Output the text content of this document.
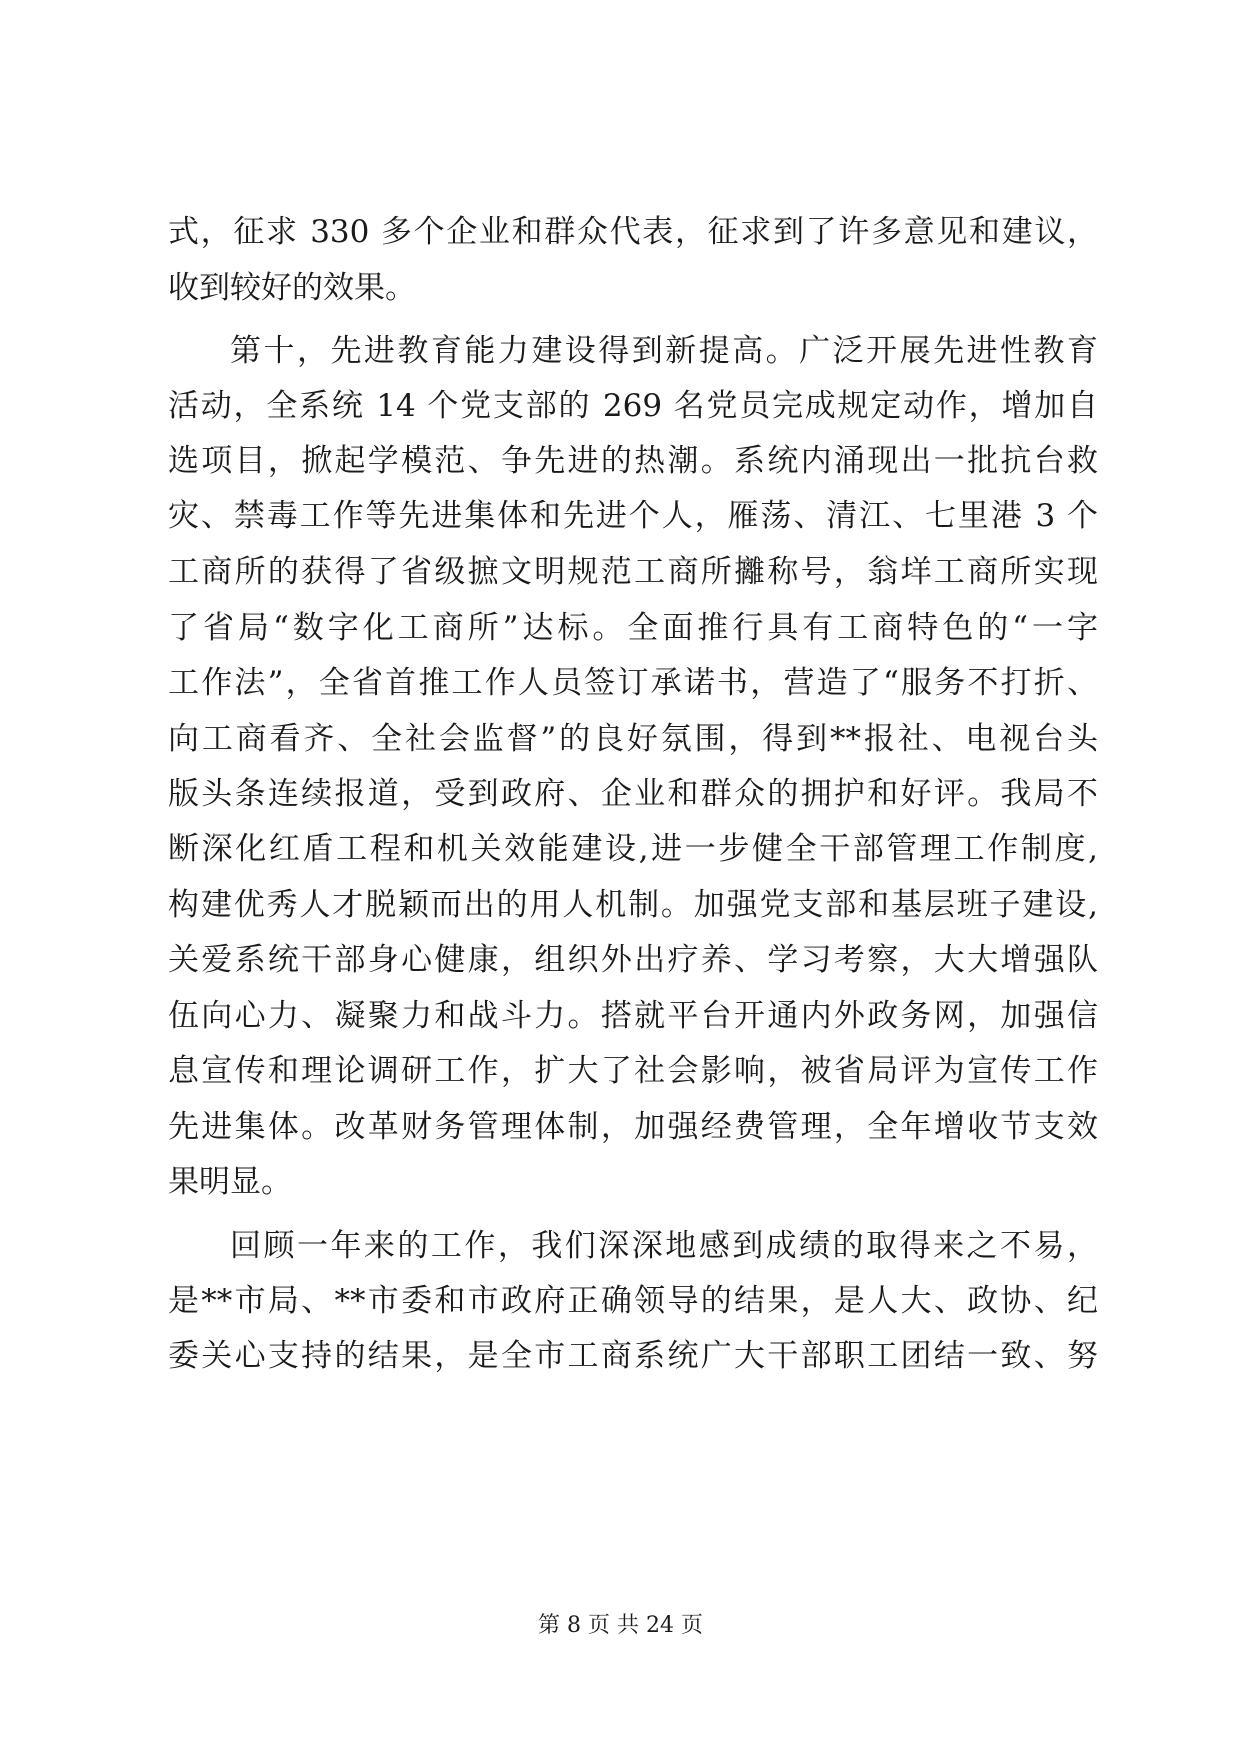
式，征求 330 多个企业和群众代表，征求到了许多意见和建议，
收到较好的效果。
第十，先进教育能力建设得到新提高。广泛开展先进性教育
活动，全系统 14 个党支部的 269 名党员完成规定动作，增加自
选项目，掀起学模范、争先进的热潮。系统内涌现出一批抗台救
灾、禁毒工作等先进集体和先进个人，雁荡、清江、七里港 3 个
工商所的获得了省级摭文明规范工商所攡称号，翁垟工商所实现
了省局“数字化工商所”达标。全面推行具有工商特色的“一字
工作法”，全省首推工作人员签订承诺书，营造了“服务不打折、
向工商看齐、全社会监督”的良好氛围，得到**报社、电视台头
版头条连续报道，受到政府、企业和群众的拥护和好评。我局不
断深化红盾工程和机关效能建设,进一步健全干部管理工作制度,
构建优秀人才脱颖而出的用人机制。加强党支部和基层班子建设,
关爱系统干部身心健康，组织外出疗养、学习考察，大大增强队
伍向心力、凝聚力和战斗力。搭就平台开通内外政务网，加强信
息宣传和理论调研工作，扩大了社会影响，被省局评为宣传工作
先进集体。改革财务管理体制，加强经费管理，全年增收节支效
果明显。
回顾一年来的工作，我们深深地感到成绩的取得来之不易，
是**市局、**市委和市政府正确领导的结果，是人大、政协、纪
委关心支持的结果，是全市工商系统广大干部职工团结一致、努
第 8 页 共 24 页
